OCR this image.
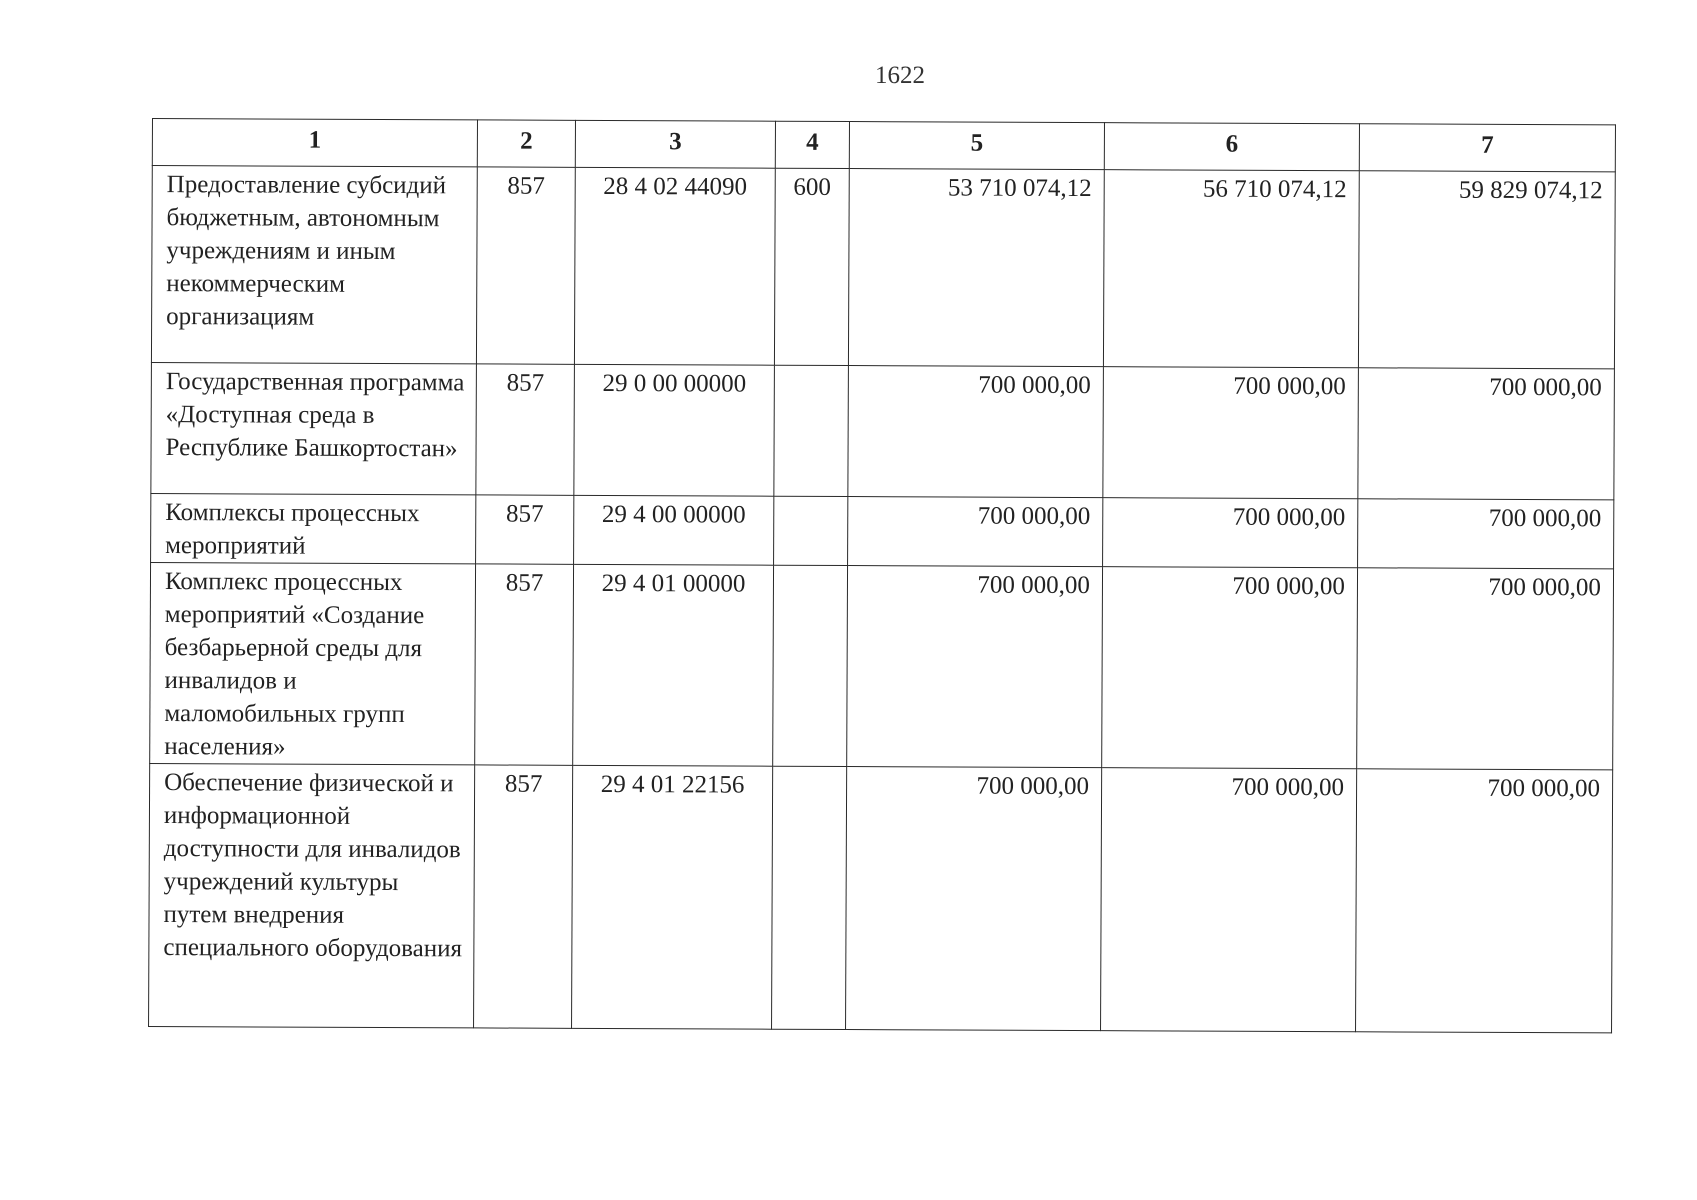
1622
1	2	3	4	5	6	7
Предоставление субсидий бюджетным, автономным учреждениям и иным некоммерческим организациям	857	28 4 02 44090	600	53 710 074,12	56 710 074,12	59 829 074,12
Государственная программа «Доступная среда в Республике Башкортостан»	857	29 0 00 00000		700 000,00	700 000,00	700 000,00
Комплексы процессных мероприятий	857	29 4 00 00000		700 000,00	700 000,00	700 000,00
Комплекс процессных мероприятий «Создание безбарьерной среды для инвалидов и маломобильных групп населения»	857	29 4 01 00000		700 000,00	700 000,00	700 000,00
Обеспечение физической и информационной доступности для инвалидов учреждений культуры путем внедрения специального оборудования	857	29 4 01 22156		700 000,00	700 000,00	700 000,00
